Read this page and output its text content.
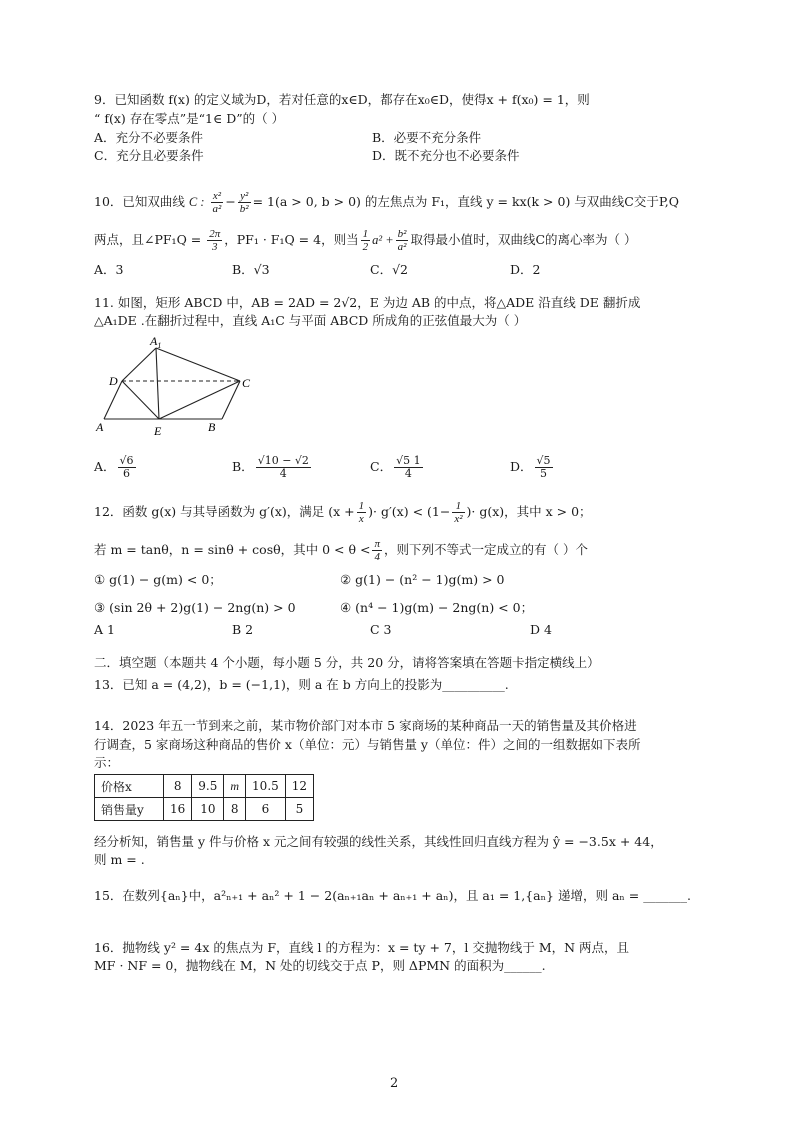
9．已知函数 f(x) 的定义域为D，若对任意的x∈D，都存在x₀∈D，使得x + f(x₀) = 1，则
“ f(x) 存在零点”是“1∈ D”的（ ）
A．充分不必要条件	B．必要不充分条件
C．充分且必要条件	D．既不充分也不必要条件
10．已知双曲线 C : $\frac{\text{x²}}{\text{a²}} - \frac{\text{y²}}{\text{b²}} = 1(a > 0$, b > 0) 的左焦点为 F₁，直线 y = kx(k > 0) 与双曲线C交于P,Q
两点，且∠PF₁Q = $\frac{2\pi}{3}$ ，PF₁ · F₁Q = 4，则当 $\frac{1}{2} a^2 + \frac{\text{b²}}{\text{a²}}$ 取得最小值时，双曲线C的离心率为（ ）
A．3	B．√3	C．√2	D．2
11. 如图，矩形 ABCD 中，AB = 2AD = 2√2，E 为边 AB 的中点，将△ADE 沿直线 DE 翻折成
△A₁DE .在翻折过程中，直线 A₁C 与平面 ABCD 所成角的正弦值最大为（ ）
$A_1$
D	C
A	E	B
A． $\frac{√6}{6}$	B． $\frac{√10 - √2}{4}$	C． $\frac{√5 1}{4}$	D． $\frac{√5}{5}$
12．函数 g(x) 与其导函数为 g′(x)，满足 ($x + \frac{1}{x}$ )· $g'(x) < (1- \frac{1}{\text{x²}}$ )· g(x)，其中 x > 0；
若 m = tanθ，n = sinθ + cosθ，其中 $0 < \theta < \frac{\pi}{4}$ ，则下列不等式一定成立的有（ ）个
① g(1) − g(m) < 0；	② g(1) − (n² − 1)g(m) > 0
③ (sin 2θ + 2)g(1) − 2ng(n) > 0	④ (n⁴ − 1)g(m) − 2ng(n) < 0；
A 1	B 2	C 3	D 4
二．填空题（本题共 4 个小题，每小题 5 分，共 20 分，请将答案填在答题卡指定横线上）
13．已知 a = (4,2)，b = (−1,1)，则 a 在 b 方向上的投影为__________.
14．2023 年五一节到来之前，某市物价部门对本市 5 家商场的某种商品一天的销售量及其价格进
行调查，5 家商场这种商品的售价 x（单位：元）与销售量 y（单位：件）之间的一组数据如下表所
示：
价格x	8	9.5	m	10.5	12
销售量y	16	10	8	6	5
经分析知，销售量 y 件与价格 x 元之间有较强的线性关系，其线性回归直线方程为 ŷ = −3.5x + 44，
则 m = .
15．在数列{aₙ}中，a²ₙ₊₁ + aₙ² + 1 − 2(aₙ₊₁aₙ + aₙ₊₁ + aₙ)，且 a₁ = 1,{aₙ} 递增，则 aₙ = _______.
16．抛物线 y² = 4x 的焦点为 F，直线 l 的方程为：x = ty + 7，l 交抛物线于 M，N 两点，且
MF · NF = 0，抛物线在 M，N 处的切线交于点 P，则 ΔPMN 的面积为______.
2
